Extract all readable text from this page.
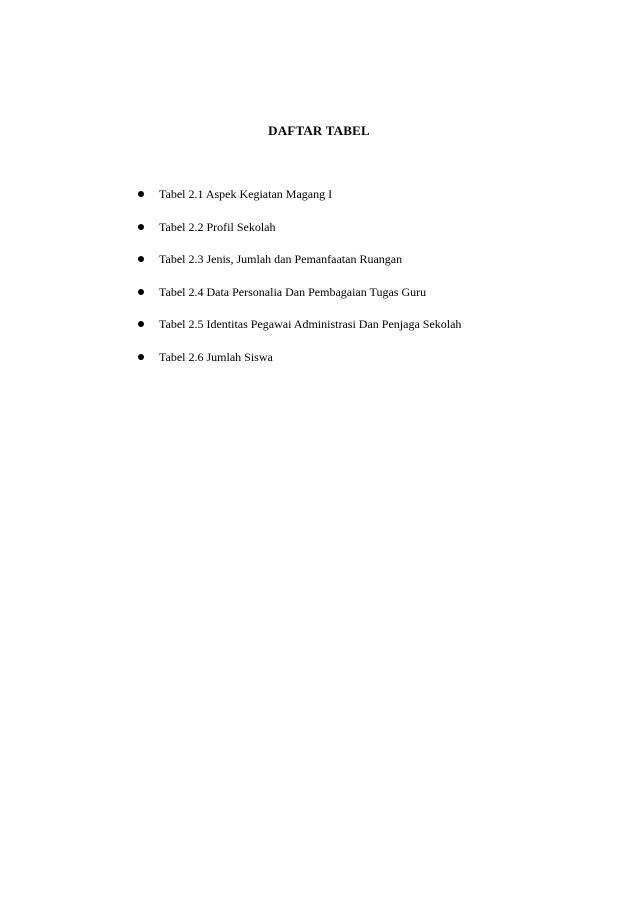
DAFTAR TABEL
Tabel 2.1 Aspek Kegiatan Magang I
Tabel 2.2 Profil Sekolah
Tabel 2.3 Jenis, Jumlah dan Pemanfaatan Ruangan
Tabel 2.4 Data Personalia Dan Pembagaian Tugas Guru
Tabel 2.5 Identitas Pegawai Administrasi Dan Penjaga Sekolah
Tabel 2.6 Jumlah Siswa
